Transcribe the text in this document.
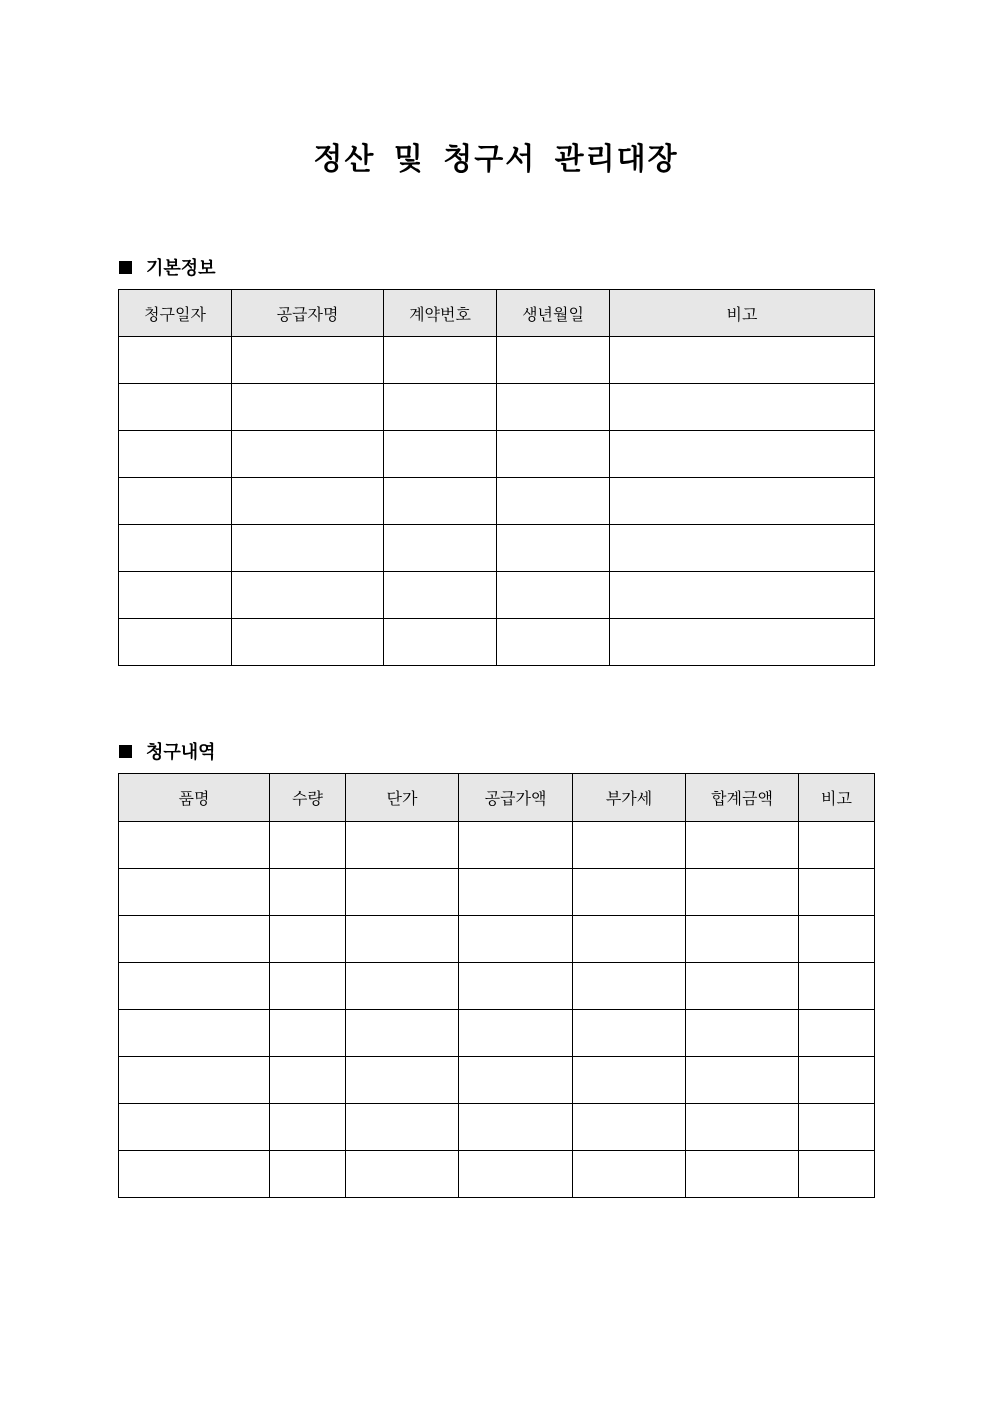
정산 및 청구서 관리대장
기본정보
청구일자	공급자명	계약번호	생년월일	비고

청구내역
품명	수량	단가	공급가액	부가세	합계금액	비고
